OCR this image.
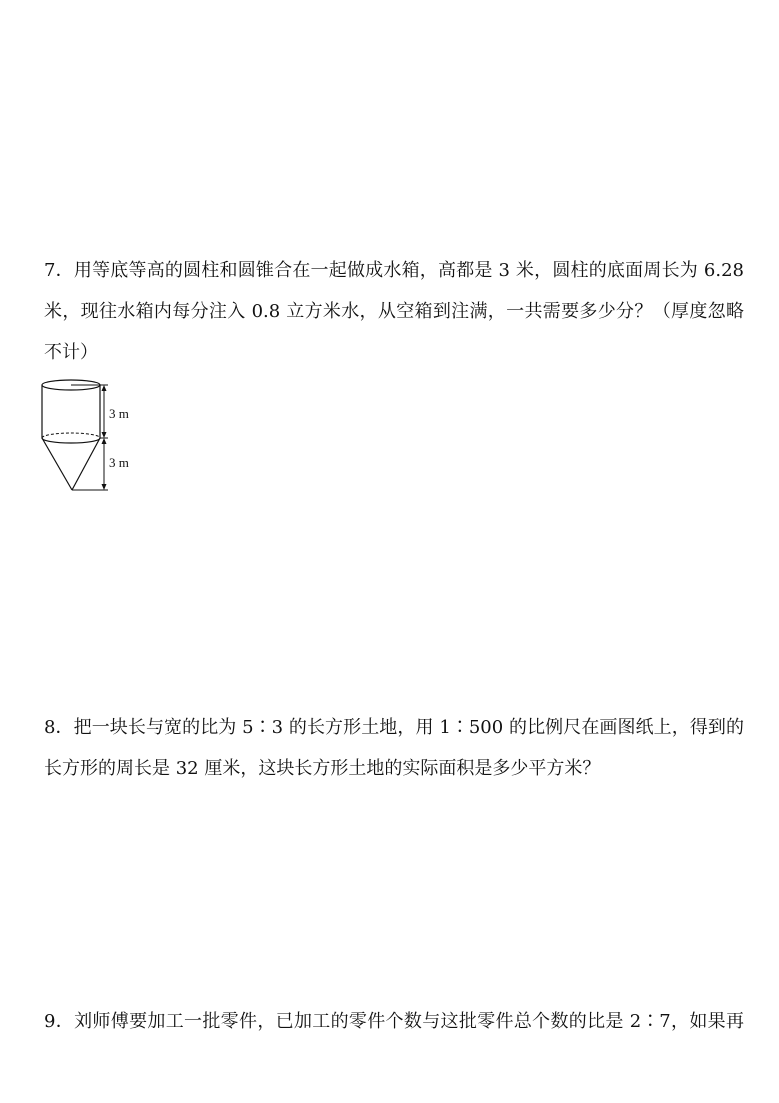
7．用等底等高的圆柱和圆锥合在一起做成水箱，高都是 3 米，圆柱的底面周长为 6.28
米，现往水箱内每分注入 0.8 立方米水，从空箱到注满，一共需要多少分？（厚度忽略
不计）
3 m
3 m
8．把一块长与宽的比为 5∶3 的长方形土地，用 1∶500 的比例尺在画图纸上，得到的
长方形的周长是 32 厘米，这块长方形土地的实际面积是多少平方米？
9．刘师傅要加工一批零件，已加工的零件个数与这批零件总个数的比是 2∶7，如果再
